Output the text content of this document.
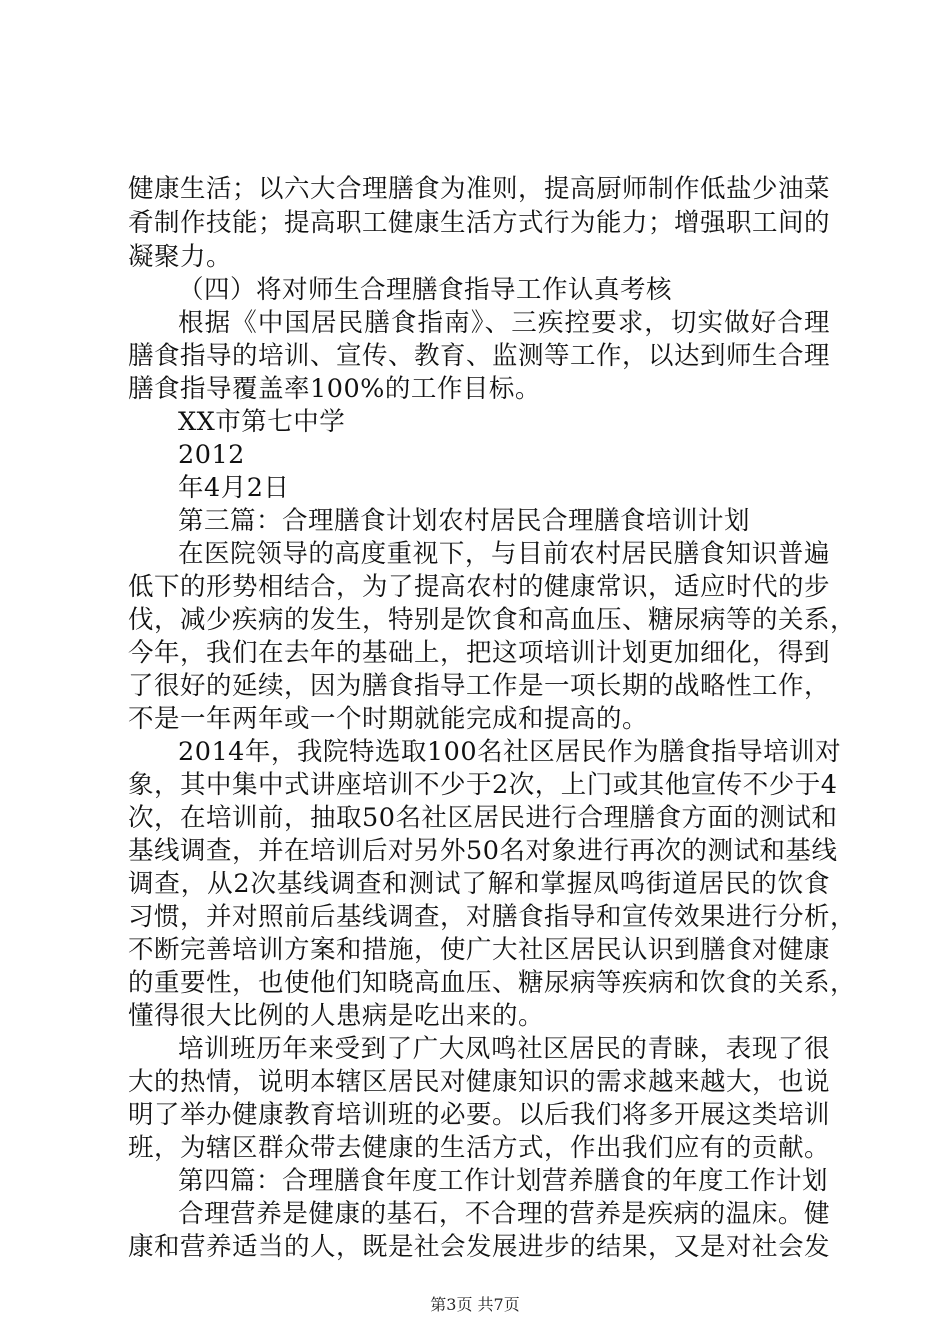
健康生活；以六大合理膳食为准则，提高厨师制作低盐少油菜
肴制作技能；提高职工健康生活方式行为能力；增强职工间的
凝聚力。
（四）将对师生合理膳食指导工作认真考核
根据《中国居民膳食指南》、三疾控要求，切实做好合理
膳食指导的培训、宣传、教育、监测等工作，以达到师生合理
膳食指导覆盖率100%的工作目标。
XX市第七中学
2012
年4月2日
第三篇：合理膳食计划农村居民合理膳食培训计划
在医院领导的高度重视下，与目前农村居民膳食知识普遍
低下的形势相结合，为了提高农村的健康常识，适应时代的步
伐，减少疾病的发生，特别是饮食和高血压、糖尿病等的关系，
今年，我们在去年的基础上，把这项培训计划更加细化，得到
了很好的延续，因为膳食指导工作是一项长期的战略性工作，
不是一年两年或一个时期就能完成和提高的。
2014年，我院特选取100名社区居民作为膳食指导培训对
象，其中集中式讲座培训不少于2次，上门或其他宣传不少于4
次，在培训前，抽取50名社区居民进行合理膳食方面的测试和
基线调查，并在培训后对另外50名对象进行再次的测试和基线
调查，从2次基线调查和测试了解和掌握凤鸣街道居民的饮食
习惯，并对照前后基线调查，对膳食指导和宣传效果进行分析，
不断完善培训方案和措施，使广大社区居民认识到膳食对健康
的重要性，也使他们知晓高血压、糖尿病等疾病和饮食的关系，
懂得很大比例的人患病是吃出来的。
培训班历年来受到了广大凤鸣社区居民的青睐，表现了很
大的热情，说明本辖区居民对健康知识的需求越来越大，也说
明了举办健康教育培训班的必要。以后我们将多开展这类培训
班，为辖区群众带去健康的生活方式，作出我们应有的贡献。
第四篇：合理膳食年度工作计划营养膳食的年度工作计划
合理营养是健康的基石，不合理的营养是疾病的温床。健
康和营养适当的人，既是社会发展进步的结果，又是对社会发
第3页 共7页
